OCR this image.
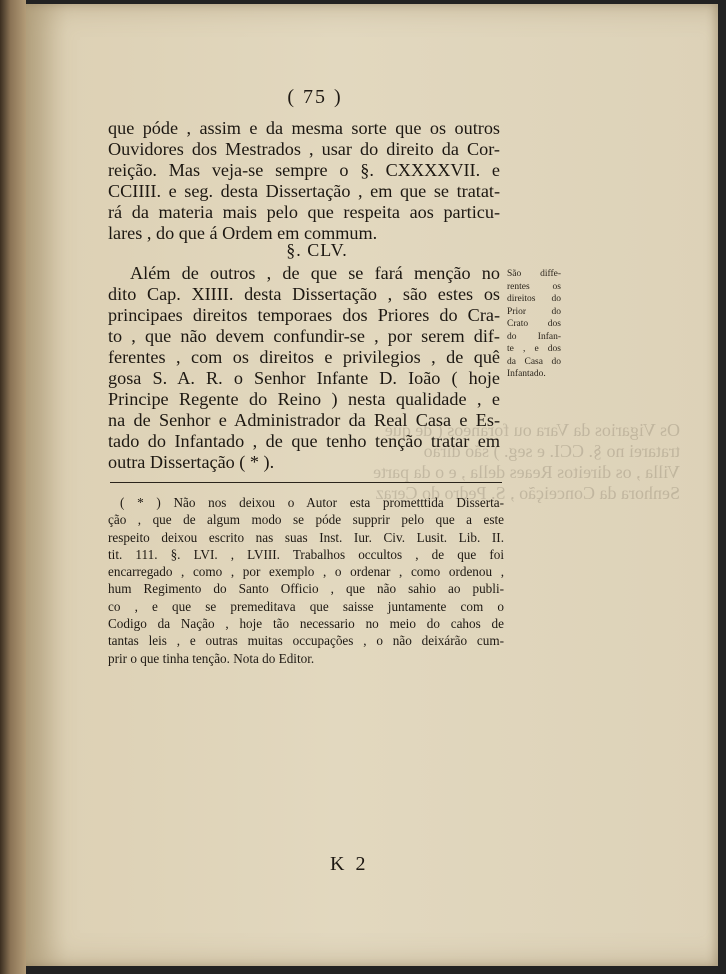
( 75 )
que póde , assim e da mesma sorte que os outros
Ouvidores dos Mestrados , usar do direito da Cor-
reição. Mas veja-se sempre o §. CXXXXVII. e
CCIIII. e seg. desta Dissertação , em que se tratat-
rá da materia mais pelo que respeita aos particu-
lares , do que á Ordem em commum.
§. CLV.
Além de outros , de que se fará menção no
dito Cap. XIIII. desta Dissertação , são estes os
principaes direitos temporaes dos Priores do Cra-
to , que não devem confundir-se , por serem dif-
ferentes , com os direitos e privilegios , de quê
gosa S. A. R. o Senhor Infante D. Ioão ( hoje
Principe Regente do Reino ) nesta qualidade , e
na de Senhor e Administrador da Real Casa e Es-
tado do Infantado , de que tenho tenção tratar em
outra Dissertação ( * ).
São diffe-
rentes os
direitos do
Prior do
Crato dos
do Infan-
te , e dos
da Casa do
Infantado.
( * ) Não nos deixou o Autor esta prometttida Disserta-
ção , que de algum modo se póde supprir pelo que a este
respeito deixou escrito nas suas Inst. Iur. Civ. Lusit. Lib. II.
tit. 111. §. LVI. , LVIII. Trabalhos occultos , de que foi
encarregado , como , por exemplo , o ordenar , como ordenou ,
hum Regimento do Santo Officio , que não sahio ao publi-
co , e que se premeditava que saisse juntamente com o
Codigo da Nação , hoje tão necessario no meio do cahos de
tantas leis , e outras muitas occupações , o não deixárão cum-
prir o que tinha tenção. Nota do Editor.
K 2
